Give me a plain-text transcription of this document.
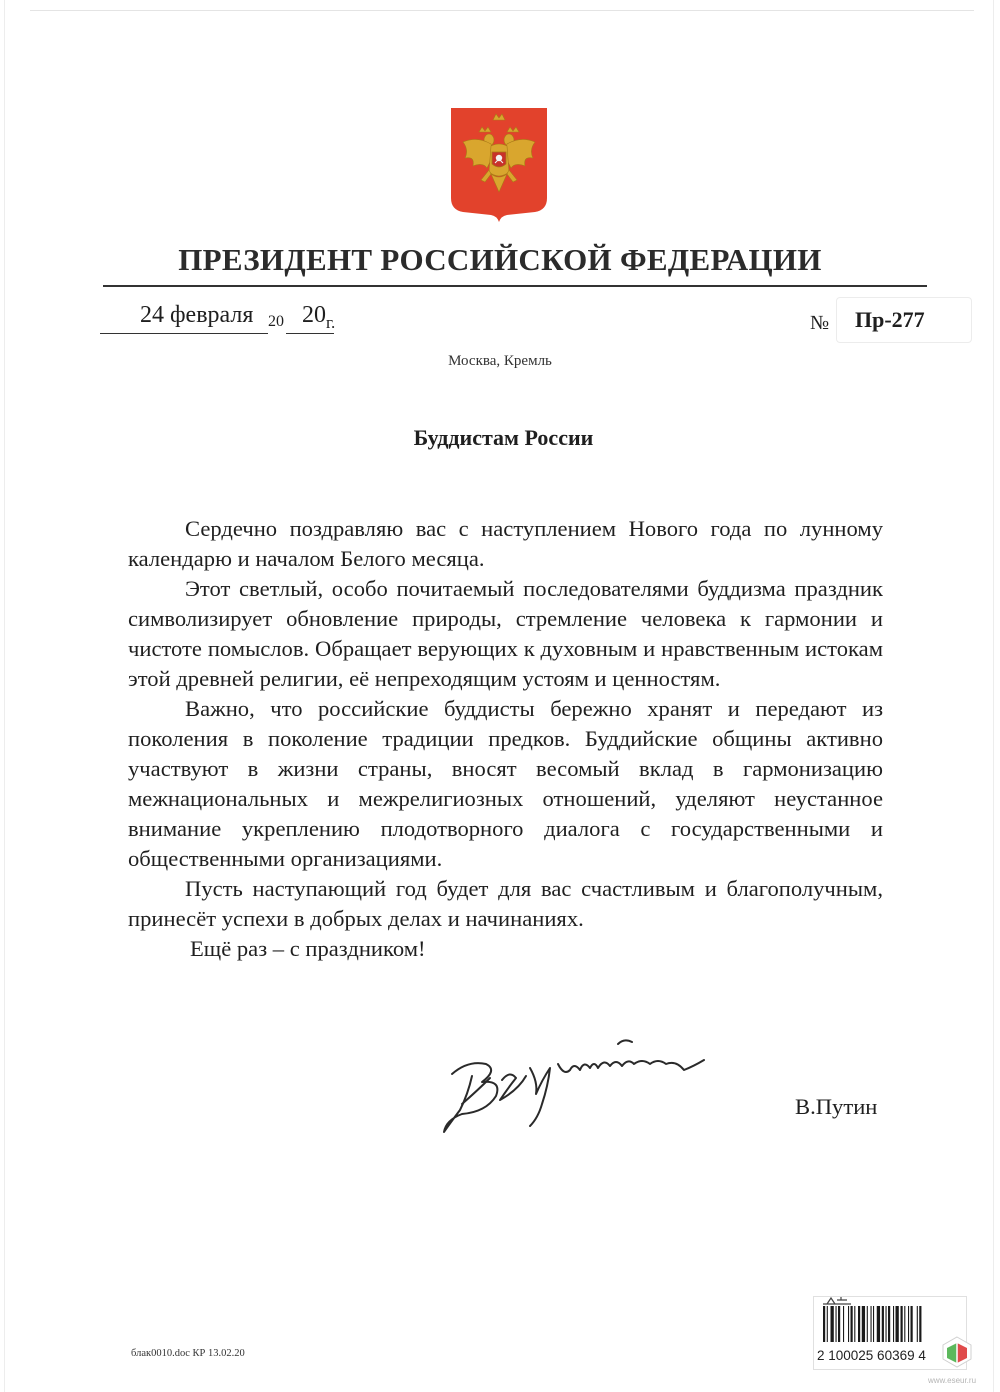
ПРЕЗИДЕНТ РОССИЙСКОЙ ФЕДЕРАЦИИ
24 февраля 20 20 г.	№ Пр-277
Москва, Кремль
Буддистам России

Сердечно поздравляю вас с наступлением Нового года по лунному календарю и началом Белого месяца.

Этот светлый, особо почитаемый последователями буддизма праздник символизирует обновление природы, стремление человека к гармонии и чистоте помыслов. Обращает верующих к духовным и нравственным истокам этой древней религии, её непреходящим устоям и ценностям.

Важно, что российские буддисты бережно хранят и передают из поколения в поколение традиции предков. Буддийские общины активно участвуют в жизни страны, вносят весомый вклад в гармонизацию межнациональных и межрелигиозных отношений, уделяют неустанное внимание укреплению плодотворного диалога с государственными и общественными организациями.

Пусть наступающий год будет для вас счастливым и благополучным, принесёт успехи в добрых делах и начинаниях.

Ещё раз – с праздником!

В.Путин
блак0010.doc КР 13.02.20	2 100025 60369 4
www.eseur.ru
